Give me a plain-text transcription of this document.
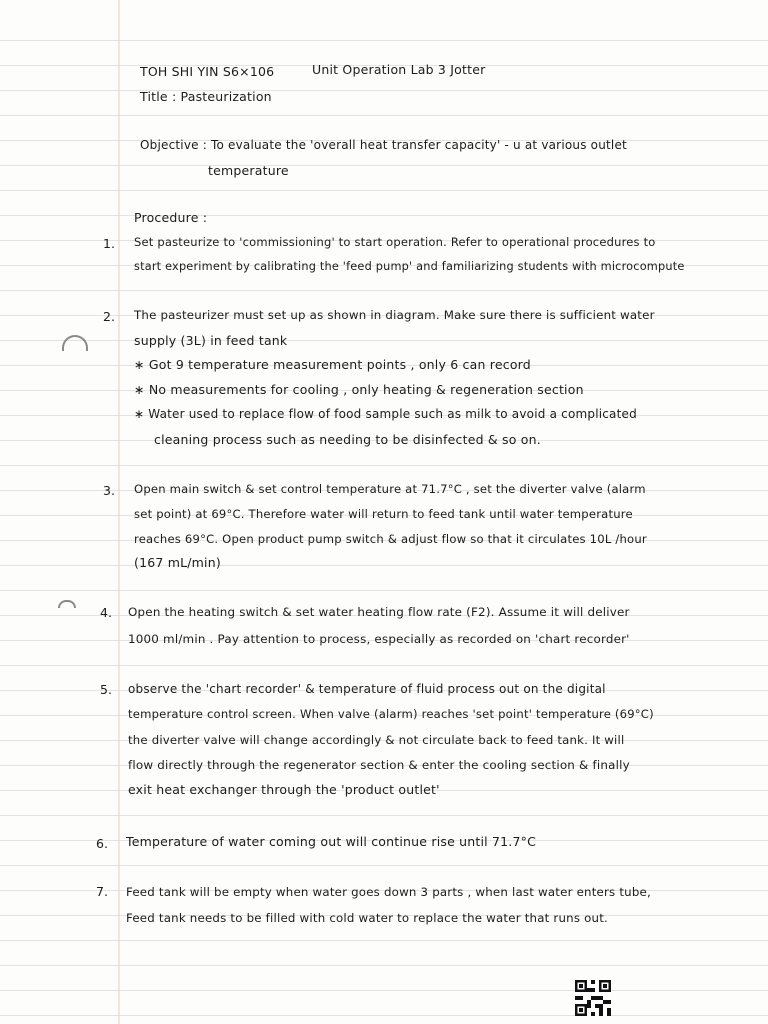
TOH SHI YIN S6×106	Unit Operation Lab 3 Jotter
Title : Pasteurization
Objective : To evaluate the 'overall heat transfer capacity' - u at various outlet
temperature
Procedure :
1. Set pasteurize to 'commissioning' to start operation. Refer to operational procedures to
start experiment by calibrating the 'feed pump' and familiarizing students with microcompute
2. The pasteurizer must set up as shown in diagram. Make sure there is sufficient water
supply (3L) in feed tank
∗ Got 9 temperature measurement points , only 6 can record
∗ No measurements for cooling , only heating & regeneration section
∗ Water used to replace flow of food sample such as milk to avoid a complicated
cleaning process such as needing to be disinfected & so on.
3. Open main switch & set control temperature at 71.7°C , set the diverter valve (alarm
set point) at 69°C. Therefore water will return to feed tank until water temperature
reaches 69°C. Open product pump switch & adjust flow so that it circulates 10L /hour
(167 mL/min)
4. Open the heating switch & set water heating flow rate (F2). Assume it will deliver
1000 ml/min . Pay attention to process, especially as recorded on 'chart recorder'
5. observe the 'chart recorder' & temperature of fluid process out on the digital
temperature control screen. When valve (alarm) reaches 'set point' temperature (69°C)
the diverter valve will change accordingly & not circulate back to feed tank. It will
flow directly through the regenerator section & enter the cooling section & finally
exit heat exchanger through the 'product outlet'
6. Temperature of water coming out will continue rise until 71.7°C
7. Feed tank will be empty when water goes down 3 parts , when last water enters tube,
Feed tank needs to be filled with cold water to replace the water that runs out.
